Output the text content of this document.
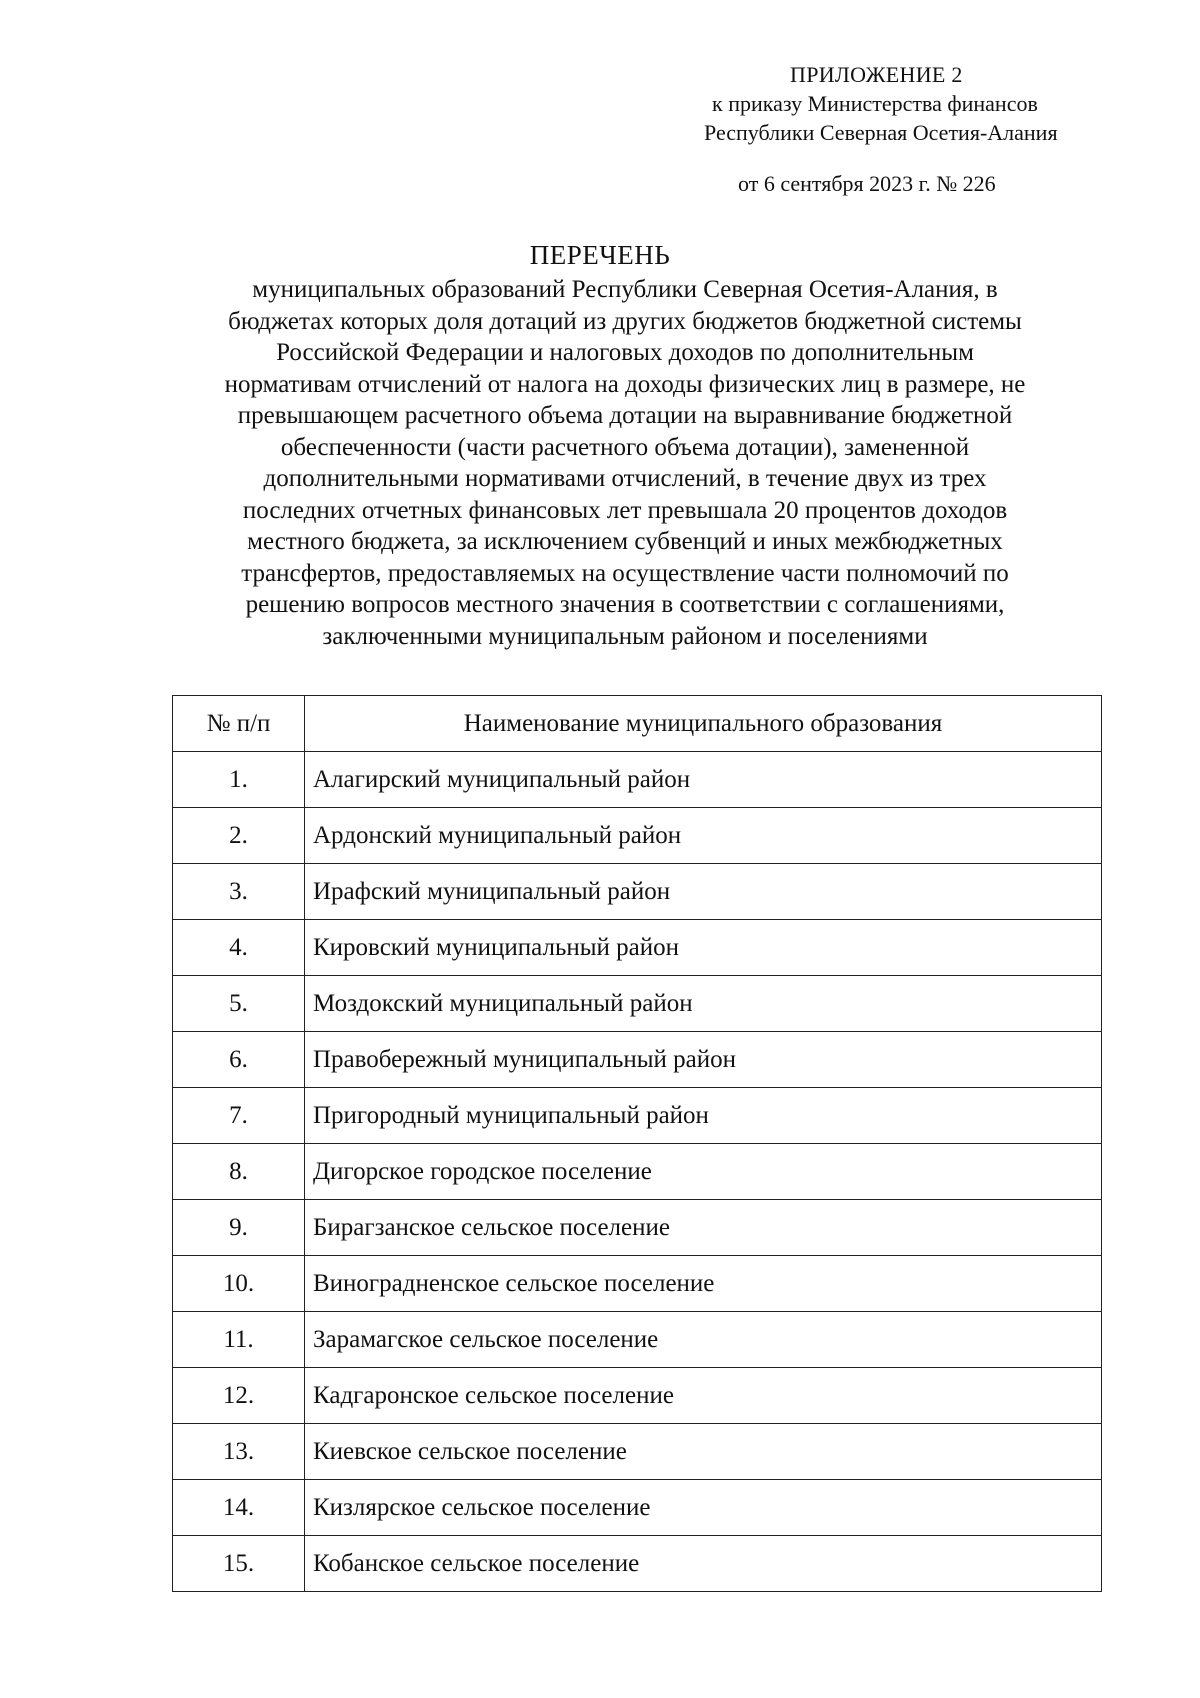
ПРИЛОЖЕНИЕ 2
к приказу Министерства финансов
Республики Северная Осетия-Алания
от 6 сентября 2023 г. № 226
ПЕРЕЧЕНЬ
муниципальных образований Республики Северная Осетия-Алания, в
бюджетах которых доля дотаций из других бюджетов бюджетной системы
Российской Федерации и налоговых доходов по дополнительным
нормативам отчислений от налога на доходы физических лиц в размере, не
превышающем расчетного объема дотации на выравнивание бюджетной
обеспеченности (части расчетного объема дотации), замененной
дополнительными нормативами отчислений, в течение двух из трех
последних отчетных финансовых лет превышала 20 процентов доходов
местного бюджета, за исключением субвенций и иных межбюджетных
трансфертов, предоставляемых на осуществление части полномочий по
решению вопросов местного значения в соответствии с соглашениями,
заключенными муниципальным районом и поселениями
№ п/п	Наименование муниципального образования
1.	Алагирский муниципальный район
2.	Ардонский муниципальный район
3.	Ирафский муниципальный район
4.	Кировский муниципальный район
5.	Моздокский муниципальный район
6.	Правобережный муниципальный район
7.	Пригородный муниципальный район
8.	Дигорское городское поселение
9.	Бирагзанское сельское поселение
10.	Виноградненское сельское поселение
11.	Зарамагское сельское поселение
12.	Кадгаронское сельское поселение
13.	Киевское сельское поселение
14.	Кизлярское сельское поселение
15.	Кобанское сельское поселение
